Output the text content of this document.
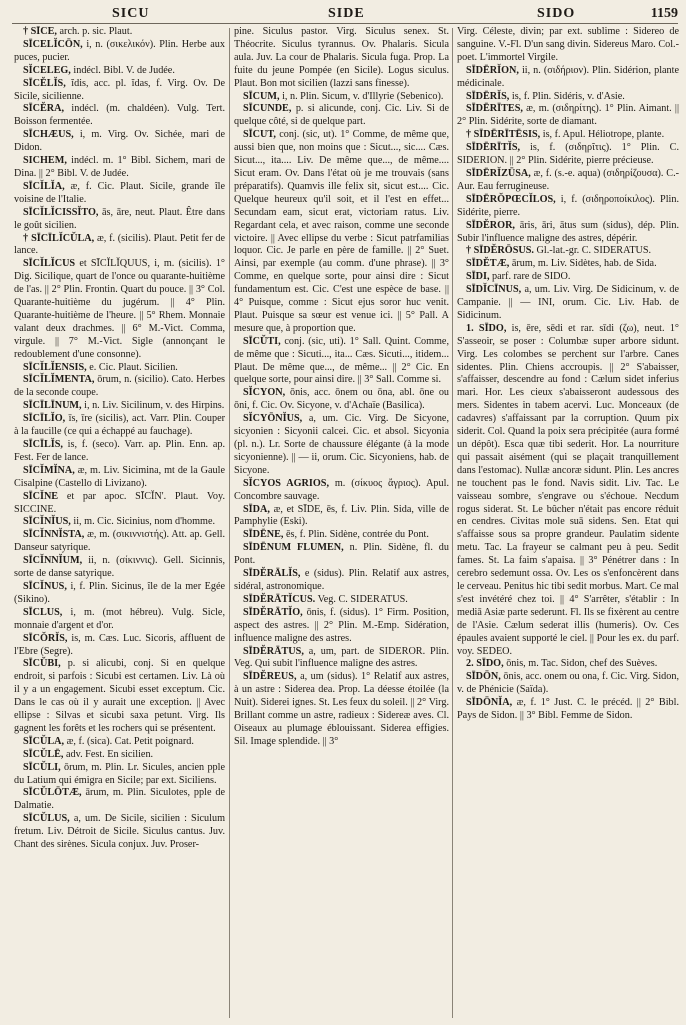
SICU	SIDE	SIDO	1159

† SĪCE, arch. p. sic. Plaut.

SĪCELĬCŌN, i, n. (σικελικόν). Plin. Herbe aux puces, pucier.

SĬCELEG, indécl. Bibl. V. de Judée.

SĪCĔLĬS, ĭdis, acc. pl. ĭdas, f. Virg. Ov. De Sicile, sicilienne.

SĪCĔRA, indécl. (m. chaldéen). Vulg. Tert. Boisson fermentée.

SĪCHÆUS, i, m. Virg. Ov. Sichée, mari de Didon.

SICHEM, indécl. m. 1° Bibl. Sichem, mari de Dina. || 2° Bibl. V. de Judée.

SĪCĬLĬA, æ, f. Cic. Plaut. Sicile, grande île voisine de l'Italie.

SĪCĬLĬCISSĬTO, ās, āre, neut. Plaut. Être dans le goût sicilien.

† SĪCĪLĬCŬLA, æ, f. (sicilis). Plaut. Petit fer de lance.

SĪCĬLĬCUS et SĪCĬLĬQUUS, i, m. (sicilis). 1° Dig. Sicilique, quart de l'once ou quarante-huitième de l'as. || 2° Plin. Frontin. Quart du pouce. || 3° Col. Quarante-huitième du jugérum. || 4° Plin. Quarante-huitième de l'heure. || 5° Rhem. Monnaie valant deux drachmes. || 6° M.-Vict. Comma, virgule. || 7° M.-Vict. Sigle (annonçant le redoublement d'une consonne).

SĪCĬLĬENSIS, e. Cic. Plaut. Sicilien.

SĪCĬLĬMENTA, ōrum, n. (sicilio). Cato. Herbes de la seconde coupe.

SĪCĪLĪNUM, i, n. Liv. Sicilinum, v. des Hirpins.

SĪCĪLĬO, īs, īre (sicilis), act. Varr. Plin. Couper à la faucille (ce qui a échappé au fauchage).

SĪCĪLĬS, is, f. (seco). Varr. ap. Plin. Enn. ap. Fest. Fer de lance.

SĪCĬMĬNA, æ, m. Liv. Sicimina, mt de la Gaule Cisalpine (Castello di Livizano).

SĪCĬNE et par apoc. SĪCĬN'. Plaut. Voy. SICCINE.

SĪCĬNĬUS, ii, m. Cic. Sicinius, nom d'homme.

SĪCĬNNĬSTA, æ, m. (σικιννιστής). Att. ap. Gell. Danseur satyrique.

SĪCĬNNĬUM, ii, n. (σίκιννις). Gell. Sicinnis, sorte de danse satyrique.

SĪCĬNUS, i, f. Plin. Sicinus, île de la mer Egée (Sikino).

SĪCLUS, i, m. (mot hébreu). Vulg. Sicle, monnaie d'argent et d'or.

SĪCŎRĬS, is, m. Cæs. Luc. Sicoris, affluent de l'Ebre (Segre).

SĪCŬBI, p. si alicubi, conj. Si en quelque endroit, si parfois : Sicubi est certamen. Liv. Là où il y a un engagement. Sicubi esset exceptum. Cic. Dans le cas où il y aurait une exception. || Avec ellipse : Silvas et sicubi saxa petunt. Virg. Ils gagnent les forêts et les rochers qui se présentent.

SĪCŬLA, æ, f. (sica). Cat. Petit poignard.

SĪCŬLĒ, adv. Fest. En sicilien.

SĪCŬLI, ōrum, m. Plin. Lr. Sicules, ancien pple du Latium qui émigra en Sicile; par ext. Siciliens.

SĪCŬLŌTÆ, ārum, m. Plin. Siculotes, pple de Dalmatie.

SĪCŬLUS, a, um. De Sicile, sicilien : Siculum fretum. Liv. Détroit de Sicile. Siculus cantus. Juv. Chant des sirènes. Sicula conjux. Juv. Proser-

pine. Siculus pastor. Virg. Siculus senex. St. Théocrite. Siculus tyrannus. Ov. Phalaris. Sicula aula. Juv. La cour de Phalaris. Sicula fuga. Prop. La fuite du jeune Pompée (en Sicile). Logus siculus. Plaut. Bon mot sicilien (lazzi sans finesse).

SĪCUM, i, n. Plin. Sicum, v. d'Illyrie (Sebenico).

SĪCUNDE, p. si alicunde, conj. Cic. Liv. Si de quelque côté, si de quelque part.

SĪCUT, conj. (sic, ut). 1° Comme, de même que, aussi bien que, non moins que : Sicut..., sic.... Cæs. Sicut..., ita.... Liv. De même que..., de même.... Sicut eram. Ov. Dans l'état où je me trouvais (sans préparatifs). Quamvis ille felix sit, sicut est.... Cic. Quelque heureux qu'il soit, et il l'est en effet... Secundam eam, sicut erat, victoriam ratus. Liv. Regardant cela, et avec raison, comme une seconde victoire. || Avec ellipse du verbe : Sicut patrfamilias loquor. Cic. Je parle en père de famille. || 2° Suet. Ainsi, par exemple (au comm. d'une phrase). || 3° Comme, en quelque sorte, pour ainsi dire : Sicut fundamentum est. Cic. C'est une espèce de base. || 4° Puisque, comme : Sicut ejus soror huc venit. Plaut. Puisque sa sœur est venue ici. || 5° Pall. A mesure que, à proportion que.

SĪCŬTI, conj. (sic, uti). 1° Sall. Quint. Comme, de même que : Sicuti..., ita... Cæs. Sicuti..., itidem... Plaut. De même que..., de même... || 2° Cic. En quelque sorte, pour ainsi dire. || 3° Sall. Comme si.

SĬCYON, ōnis, acc. ōnem ou ōna, abl. ōne ou ōni, f. Cic. Ov. Sicyone, v. d'Achaïe (Basilica).

SĬCYŌNĬUS, a, um. Cic. Virg. De Sicyone, sicyonien : Sicyonii calcei. Cic. et absol. Sicyonia (pl. n.). Lr. Sorte de chaussure élégante (à la mode sicyonienne). || — ii, orum. Cic. Sicyoniens, hab. de Sicyone.

SĬCYOS AGRIOS, m. (σίκυος ἄγριος). Apul. Concombre sauvage.

SĪDA, æ, et SĪDE, ēs, f. Liv. Plin. Sida, ville de Pamphylie (Eski).

SĪDĒNE, ēs, f. Plin. Sidène, contrée du Pont.

SĪDĒNUM FLUMEN, n. Plin. Sidène, fl. du Pont.

SĪDĔRĀLĬS, e (sidus). Plin. Relatif aux astres, sidéral, astronomique.

SĪDĔRĀTĬCUS. Veg. C. SIDERATUS.

SĪDĔRĀTĬO, ōnis, f. (sidus). 1° Firm. Position, aspect des astres. || 2° Plin. M.-Emp. Sidération, influence maligne des astres.

SĪDĔRĀTUS, a, um, part. de SIDEROR. Plin. Veg. Qui subit l'influence maligne des astres.

SĪDĔREUS, a, um (sidus). 1° Relatif aux astres, à un astre : Siderea dea. Prop. La déesse étoilée (la Nuit). Siderei ignes. St. Les feux du soleil. || 2° Virg. Brillant comme un astre, radieux : Sidereæ aves. Cl. Oiseaux au plumage éblouissant. Siderea effigies. Sil. Image splendide. || 3°

Virg. Céleste, divin; par ext. sublime : Sidereo de sanguine. V.-Fl. D'un sang divin. Sidereus Maro. Col.-poet. L'immortel Virgile.

SĪDĒRĬON, ii, n. (σιδήριον). Plin. Sidérion, plante médicinale.

SĪDĒRĬS, is, f. Plin. Sidéris, v. d'Asie.

SĪDĒRĪTES, æ, m. (σιδηρίτης). 1° Plin. Aimant. || 2° Plin. Sidérite, sorte de diamant.

† SĪDĒRĪTĒSIS, is, f. Apul. Héliotrope, plante.

SĪDĒRĪTĬS, is, f. (σιδηρῖτις). 1° Plin. C. SIDERION. || 2° Plin. Sidérite, pierre précieuse.

SĪDĒRĬZŪSA, æ, f. (s.-e. aqua) (σιδηρίζουσα). C.-Aur. Eau ferrugineuse.

SĪDĒRŎPŒCĬLOS, i, f. (σιδηροποίκιλος). Plin. Sidérite, pierre.

SĪDĔROR, āris, āri, ātus sum (sidus), dép. Plin. Subir l'influence maligne des astres, dépérir.

† SĪDĔRŌSUS. Gl.-lat.-gr. C. SIDERATUS.

SĪDĔTÆ, ārum, m. Liv. Sidètes, hab. de Sida.

SĪDI, parf. rare de SIDO.

SĪDĬCĪNUS, a, um. Liv. Virg. De Sidicinum, v. de Campanie. || — INI, orum. Cic. Liv. Hab. de Sidicinum.

1. SĪDO, is, ēre, sēdi et rar. sīdi (ζω), neut. 1° S'asseoir, se poser : Columbæ super arbore sidunt. Virg. Les colombes se perchent sur l'arbre. Canes sidentes. Plin. Chiens accroupis. || 2° S'abaisser, s'affaisser, descendre au fond : Cælum sidet inferius mari. Hor. Les cieux s'abaisseront audessous des mers. Sidentes in tabem acervi. Luc. Monceaux (de cadavres) s'affaissant par la corruption. Quum pix siderit. Col. Quand la poix sera précipitée (aura formé un dépôt). Esca quæ tibi sederit. Hor. La nourriture qui passait aisément (qui se plaçait tranquillement dans l'estomac). Nullæ ancoræ sidunt. Plin. Les ancres ne touchent pas le fond. Navis sidit. Liv. Tac. Le vaisseau sombre, s'engrave ou s'échoue. Necdum rogus siderat. St. Le bûcher n'était pas encore réduit en cendres. Civitas mole suā sidens. Sen. Etat qui s'affaisse sous sa propre grandeur. Paulatim sidente metu. Tac. La frayeur se calmant peu à peu. Sedit fames. St. La faim s'apaisa. || 3° Pénétrer dans : In cerebro sedemunt ossa. Ov. Les os s'enfoncèrent dans le cerveau. Penitus hic tibi sedit morbus. Mart. Ce mal s'est invétéré chez toi. || 4° S'arrêter, s'établir : In mediā Asiæ parte sederunt. Fl. Ils se fixèrent au centre de l'Asie. Cælum sederat illis (humeris). Ov. Ces épaules avaient supporté le ciel. || Pour les ex. du parf. voy. SEDEO.

2. SĪDO, ōnis, m. Tac. Sidon, chef des Suèves.

SĪDŌN, ōnis, acc. onem ou ona, f. Cic. Virg. Sidon, v. de Phénicie (Saïda).

SĪDŌNĬA, æ, f. 1° Just. C. le précéd. || 2° Bibl. Pays de Sidon. || 3° Bibl. Femme de Sidon.
